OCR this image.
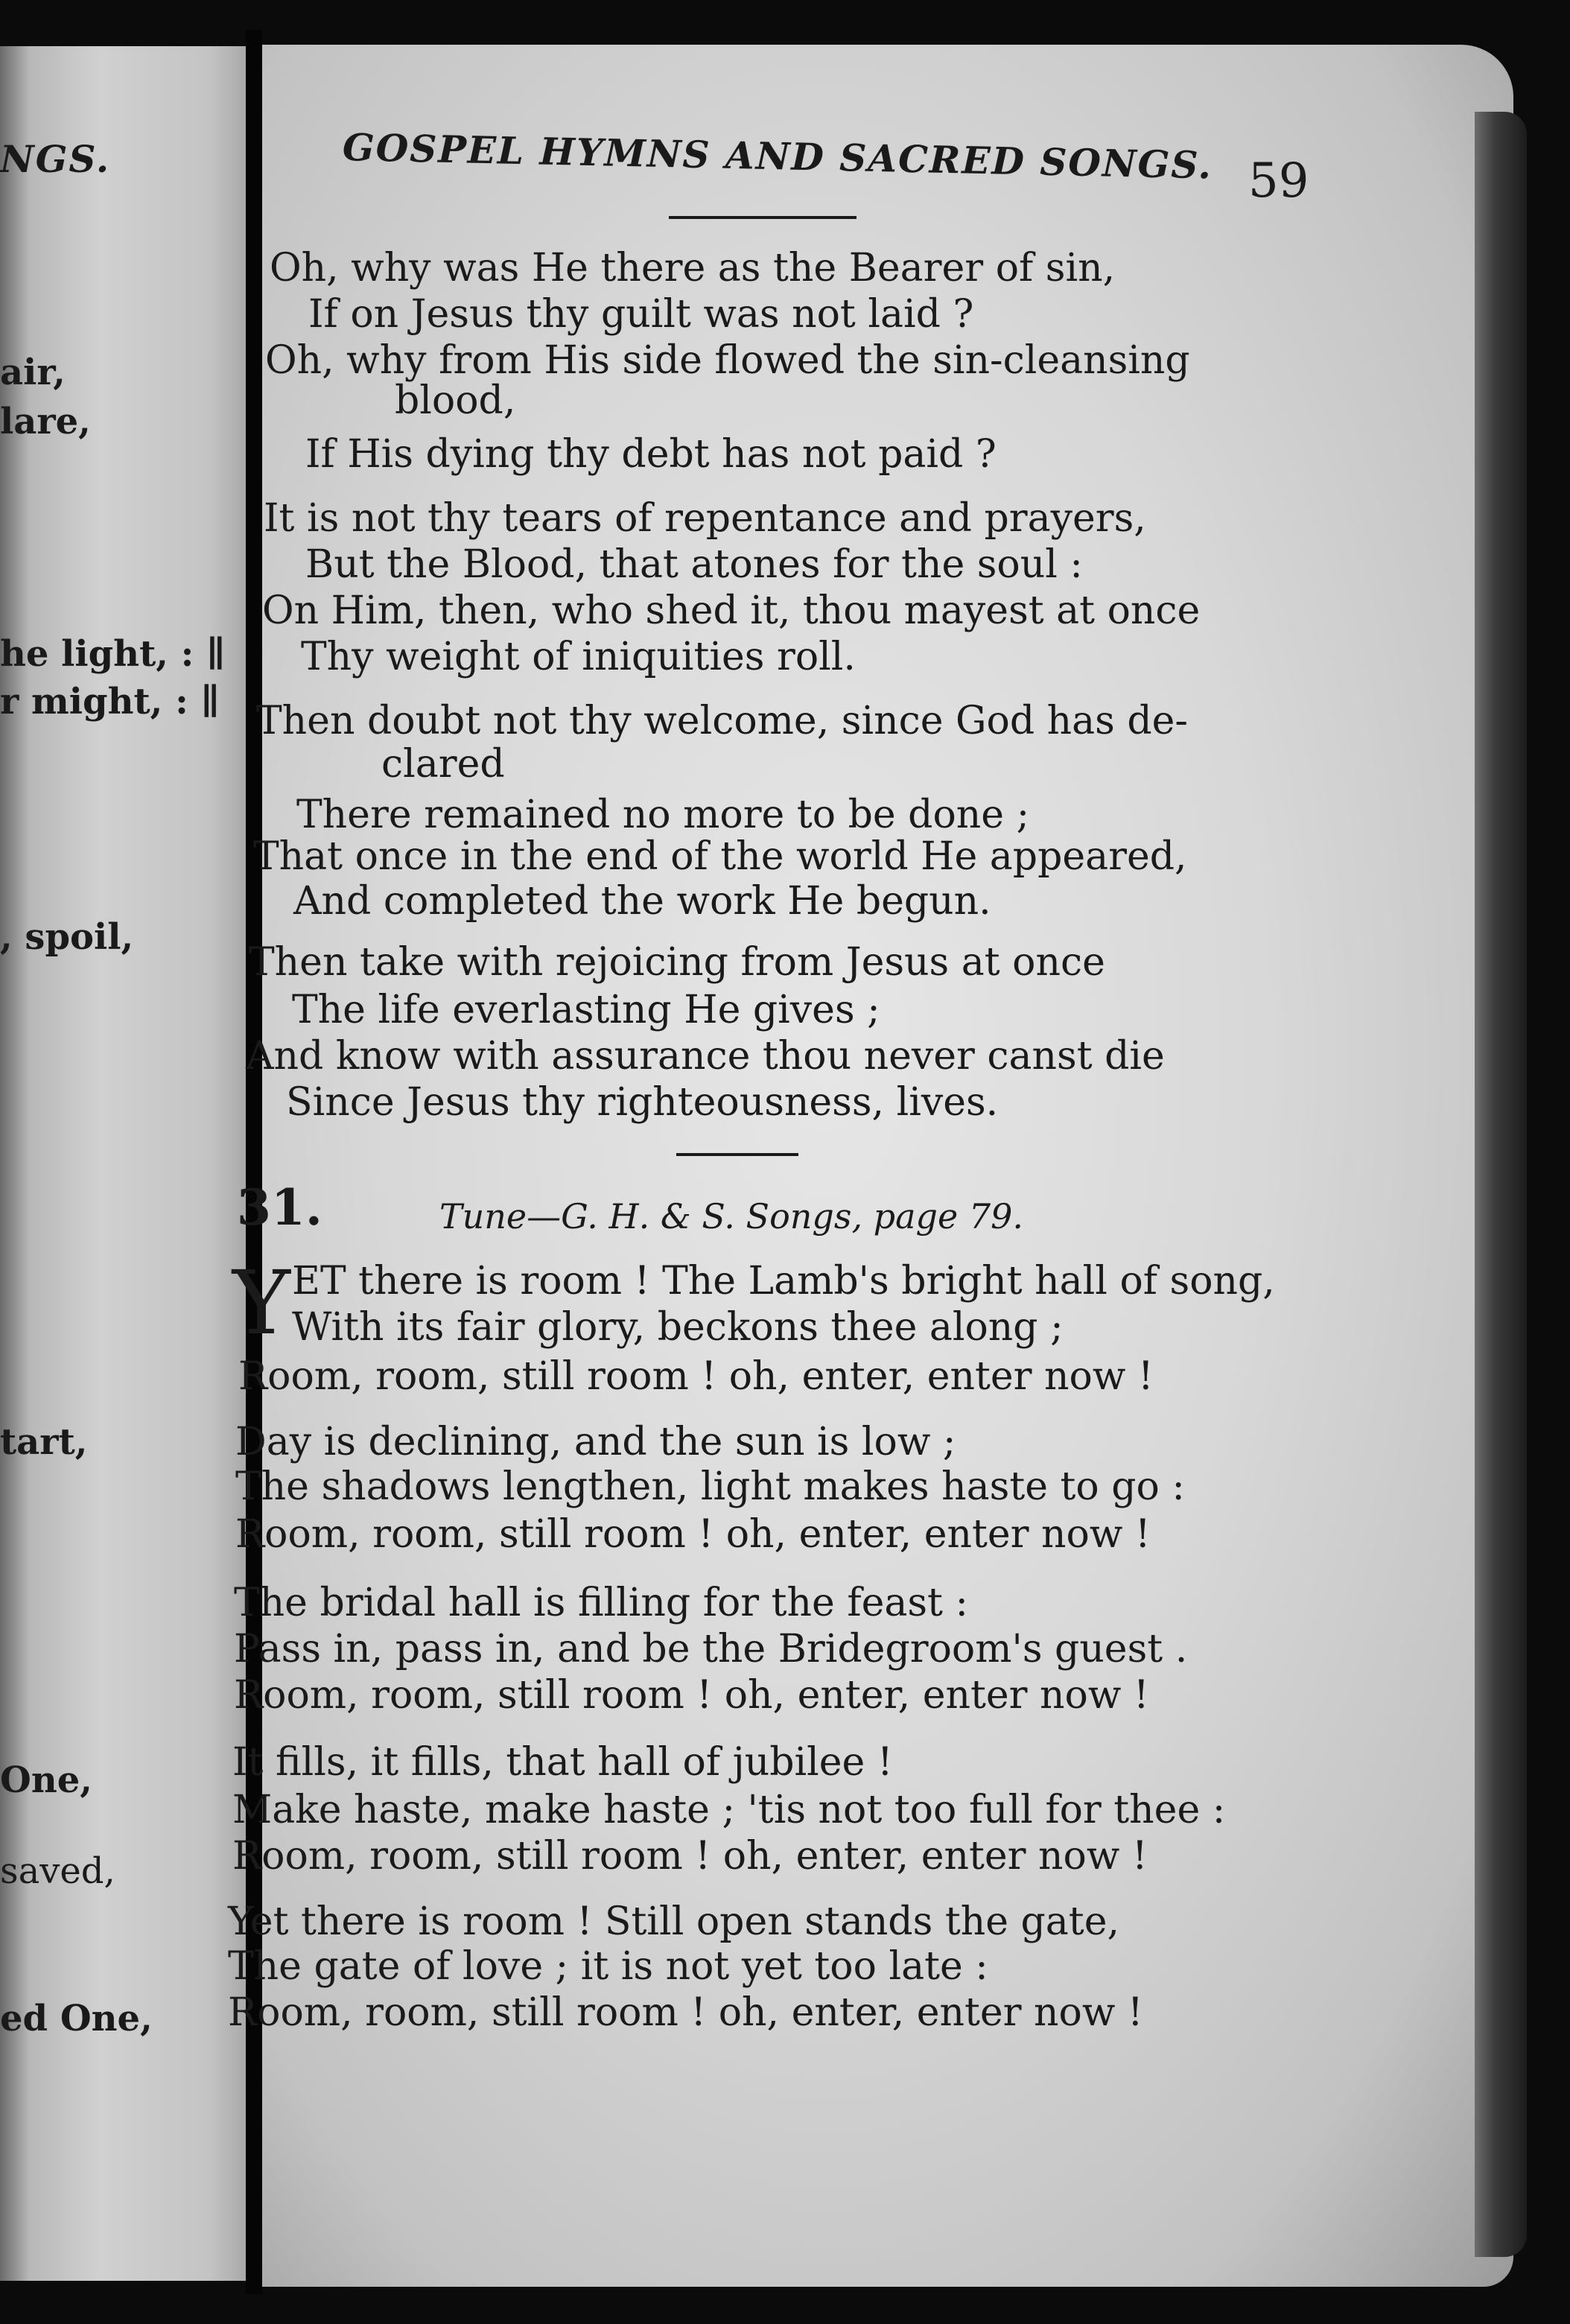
NGS.
air,
lare,
he light, : ∥
r might, : ∥
, spoil,
tart,
One,
saved,
ed One,
GOSPEL HYMNS AND SACRED SONGS. 59
Oh, why was He there as the Bearer of sin,
If on Jesus thy guilt was not laid ?
Oh, why from His side flowed the sin-cleansing
blood,
If His dying thy debt has not paid ?
It is not thy tears of repentance and prayers,
But the Blood, that atones for the soul :
On Him, then, who shed it, thou mayest at once
Thy weight of iniquities roll.
Then doubt not thy welcome, since God has de-
clared
There remained no more to be done ;
That once in the end of the world He appeared,
And completed the work He begun.
Then take with rejoicing from Jesus at once
The life everlasting He gives ;
And know with assurance thou never canst die
Since Jesus thy righteousness, lives.
31.	Tune—G. H. & S. Songs, page 79.
Y ET there is room ! The Lamb's bright hall of song,
With its fair glory, beckons thee along ;
Room, room, still room ! oh, enter, enter now !
Day is declining, and the sun is low ;
The shadows lengthen, light makes haste to go :
Room, room, still room ! oh, enter, enter now !
The bridal hall is filling for the feast :
Pass in, pass in, and be the Bridegroom's guest .
Room, room, still room ! oh, enter, enter now !
It fills, it fills, that hall of jubilee !
Make haste, make haste ; 'tis not too full for thee :
Room, room, still room ! oh, enter, enter now !
Yet there is room ! Still open stands the gate,
The gate of love ; it is not yet too late :
Room, room, still room ! oh, enter, enter now !
